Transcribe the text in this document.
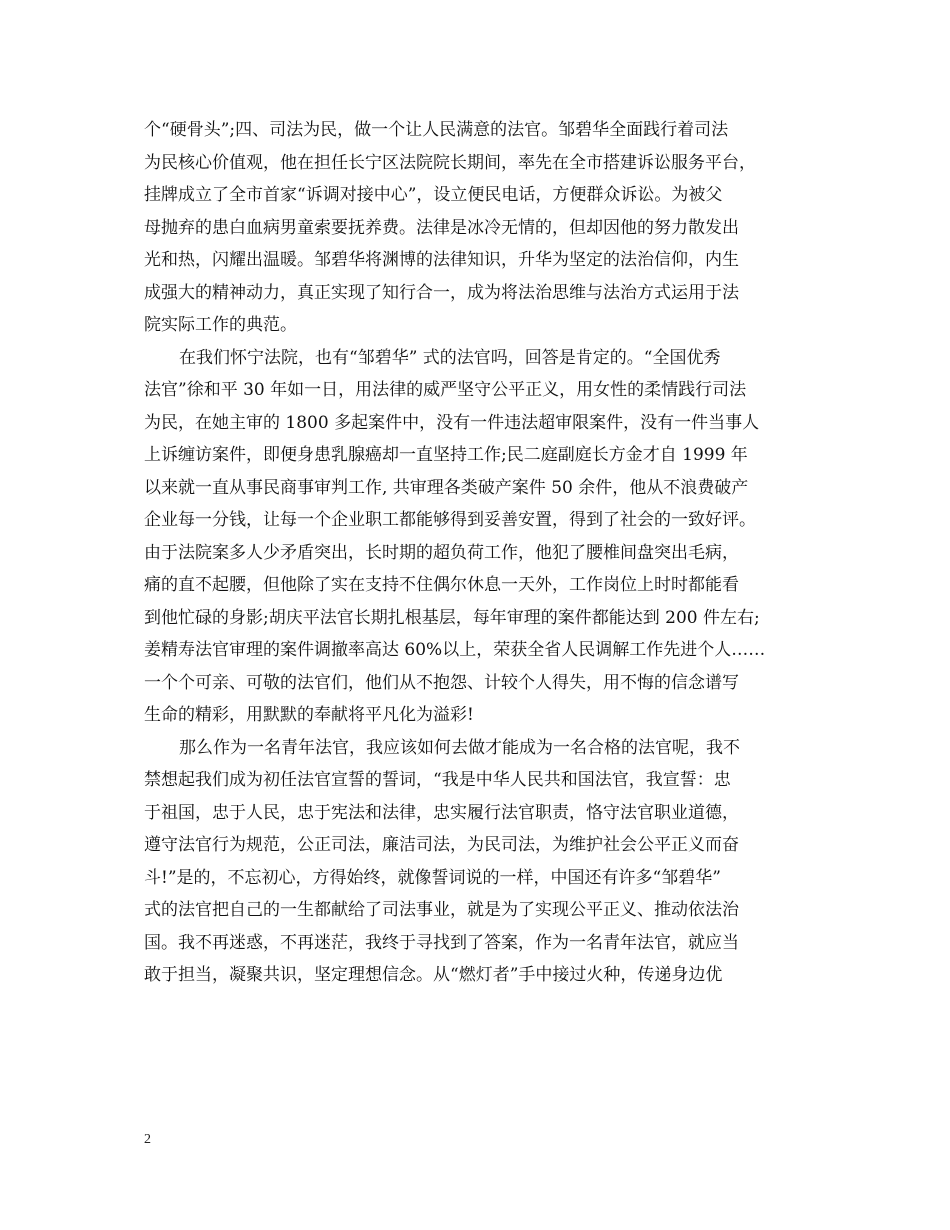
个“硬骨头”;四、司法为民，做一个让人民满意的法官。邹碧华全面践行着司法

为民核心价值观，他在担任长宁区法院院长期间，率先在全市搭建诉讼服务平台，

挂牌成立了全市首家“诉调对接中心”，设立便民电话，方便群众诉讼。为被父

母抛弃的患白血病男童索要抚养费。法律是冰冷无情的，但却因他的努力散发出

光和热，闪耀出温暖。邹碧华将渊博的法律知识，升华为坚定的法治信仰，内生

成强大的精神动力，真正实现了知行合一，成为将法治思维与法治方式运用于法

院实际工作的典范。

在我们怀宁法院，也有“邹碧华” 式的法官吗，回答是肯定的。“全国优秀

法官”徐和平 30 年如一日，用法律的威严坚守公平正义，用女性的柔情践行司法

为民，在她主审的 1800 多起案件中，没有一件违法超审限案件，没有一件当事人

上诉缠访案件，即便身患乳腺癌却一直坚持工作;民二庭副庭长方金才自 1999 年

以来就一直从事民商事审判工作, 共审理各类破产案件 50 余件，他从不浪费破产

企业每一分钱，让每一个企业职工都能够得到妥善安置，得到了社会的一致好评。

由于法院案多人少矛盾突出，长时期的超负荷工作，他犯了腰椎间盘突出毛病，

痛的直不起腰，但他除了实在支持不住偶尔休息一天外，工作岗位上时时都能看

到他忙碌的身影;胡庆平法官长期扎根基层，每年审理的案件都能达到 200 件左右;

姜精寿法官审理的案件调撤率高达 60%以上，荣获全省人民调解工作先进个人……

一个个可亲、可敬的法官们，他们从不抱怨、计较个人得失，用不悔的信念谱写

生命的精彩，用默默的奉献将平凡化为溢彩!

那么作为一名青年法官，我应该如何去做才能成为一名合格的法官呢，我不

禁想起我们成为初任法官宣誓的誓词，“我是中华人民共和国法官，我宣誓：忠

于祖国，忠于人民，忠于宪法和法律，忠实履行法官职责，恪守法官职业道德，

遵守法官行为规范，公正司法，廉洁司法，为民司法，为维护社会公平正义而奋

斗!”是的，不忘初心，方得始终，就像誓词说的一样，中国还有许多“邹碧华”

式的法官把自己的一生都献给了司法事业，就是为了实现公平正义、推动依法治

国。我不再迷惑，不再迷茫，我终于寻找到了答案，作为一名青年法官，就应当

敢于担当，凝聚共识，坚定理想信念。从“燃灯者”手中接过火种，传递身边优

2
